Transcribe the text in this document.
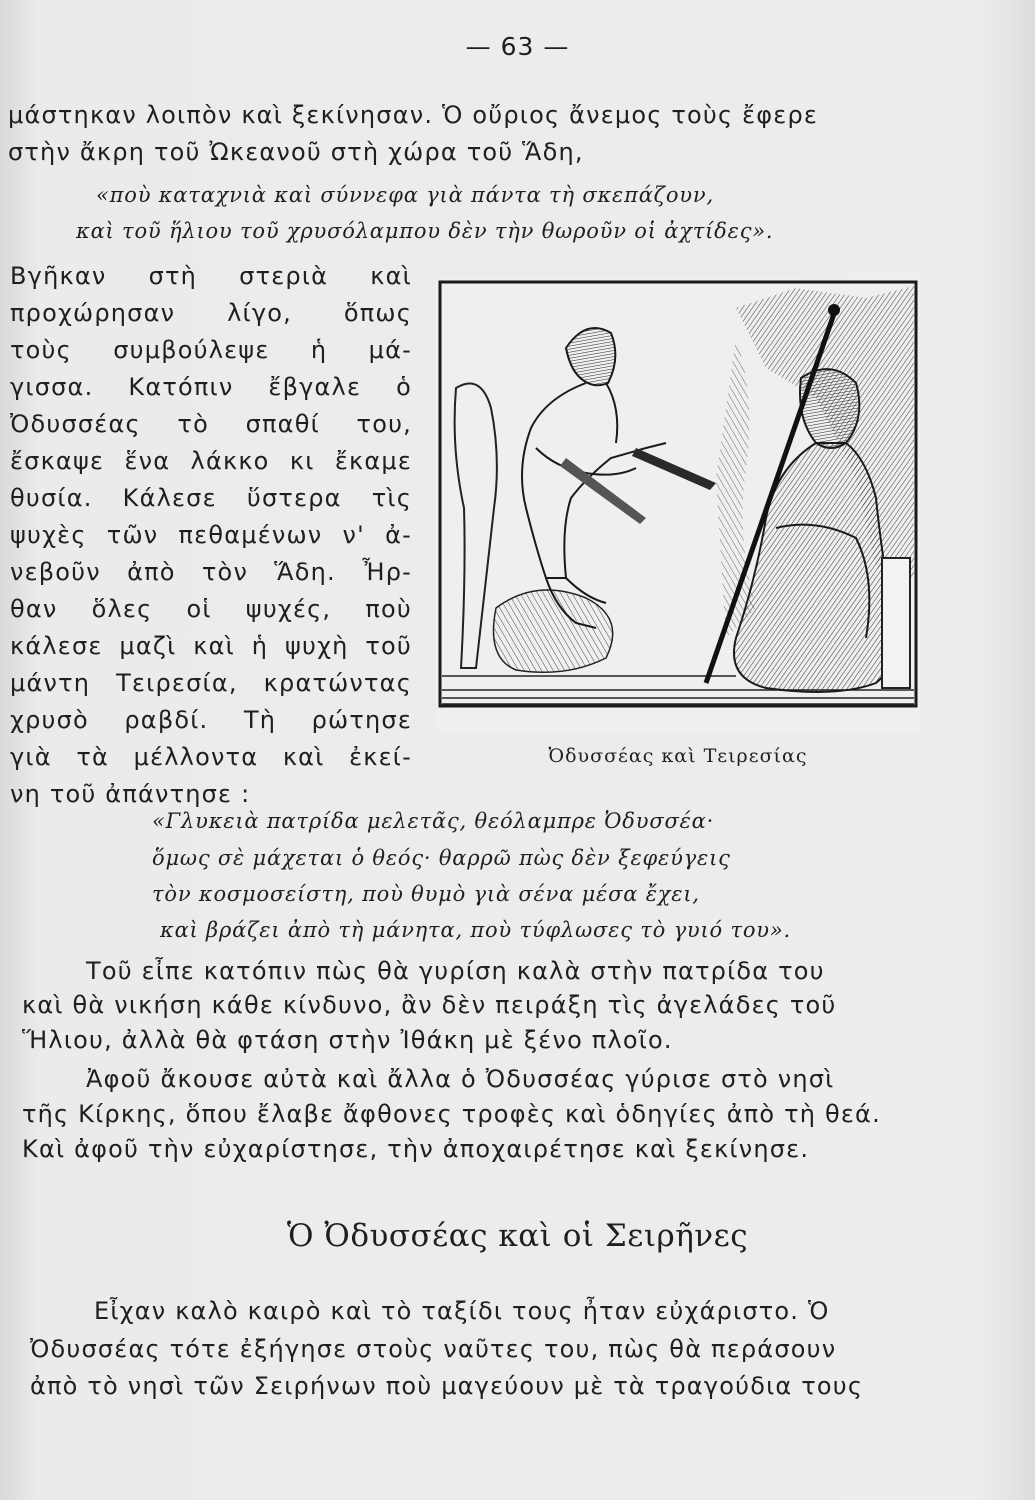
— 63 —
μάστηκαν λοιπὸν καὶ ξεκίνησαν. Ὁ οὔριος ἄνεμος τοὺς ἔφερε
στὴν ἄκρη τοῦ Ὠκεανοῦ στὴ χώρα τοῦ Ἅδη,
«ποὺ καταχνιὰ καὶ σύννεφα γιὰ πάντα τὴ σκεπάζουν,
καὶ τοῦ ἥλιου τοῦ χρυσόλαμπου δὲν τὴν θωροῦν οἱ ἀχτίδες».
Βγῆκαν στὴ στεριὰ καὶ
προχώρησαν λίγο, ὅπως
τοὺς συμβούλεψε ἡ μά-
γισσα. Κατόπιν ἔβγαλε ὁ
Ὀδυσσέας τὸ σπαθί του,
ἔσκαψε ἕνα λάκκο κι ἔκαμε
θυσία. Κάλεσε ὕστερα τὶς
ψυχὲς τῶν πεθαμένων ν' ἀ-
νεβοῦν ἀπὸ τὸν Ἅδη. Ἦρ-
θαν ὅλες οἱ ψυχές, ποὺ
κάλεσε μαζὶ καὶ ἡ ψυχὴ τοῦ
μάντη Τειρεσία, κρατώντας
χρυσὸ ραβδί. Τὴ ρώτησε
γιὰ τὰ μέλλοντα καὶ ἐκεί-
νη τοῦ ἀπάντησε :
Ὀδυσσέας καὶ Τειρεσίας
«Γλυκειὰ πατρίδα μελετᾶς, θεόλαμπρε Ὀδυσσέα·
ὅμως σὲ μάχεται ὁ θεός· θαρρῶ πὼς δὲν ξεφεύγεις
τὸν κοσμοσείστη, ποὺ θυμὸ γιὰ σένα μέσα ἔχει,
καὶ βράζει ἀπὸ τὴ μάνητα, ποὺ τύφλωσες τὸ γυιό του».
Τοῦ εἶπε κατόπιν πὼς θὰ γυρίση καλὰ στὴν πατρίδα του
καὶ θὰ νικήση κάθε κίνδυνο, ἂν δὲν πειράξη τὶς ἀγελάδες τοῦ
Ἥλιου, ἀλλὰ θὰ φτάση στὴν Ἰθάκη μὲ ξένο πλοῖο.
Ἀφοῦ ἄκουσε αὐτὰ καὶ ἄλλα ὁ Ὀδυσσέας γύρισε στὸ νησὶ
τῆς Κίρκης, ὅπου ἔλαβε ἄφθονες τροφὲς καὶ ὁδηγίες ἀπὸ τὴ θεά.
Καὶ ἀφοῦ τὴν εὐχαρίστησε, τὴν ἀποχαιρέτησε καὶ ξεκίνησε.
Ὁ Ὀδυσσέας καὶ οἱ Σειρῆνες
Εἶχαν καλὸ καιρὸ καὶ τὸ ταξίδι τους ἦταν εὐχάριστο. Ὁ
Ὀδυσσέας τότε ἐξήγησε στοὺς ναῦτες του, πὼς θὰ περάσουν
ἀπὸ τὸ νησὶ τῶν Σειρήνων ποὺ μαγεύουν μὲ τὰ τραγούδια τους
